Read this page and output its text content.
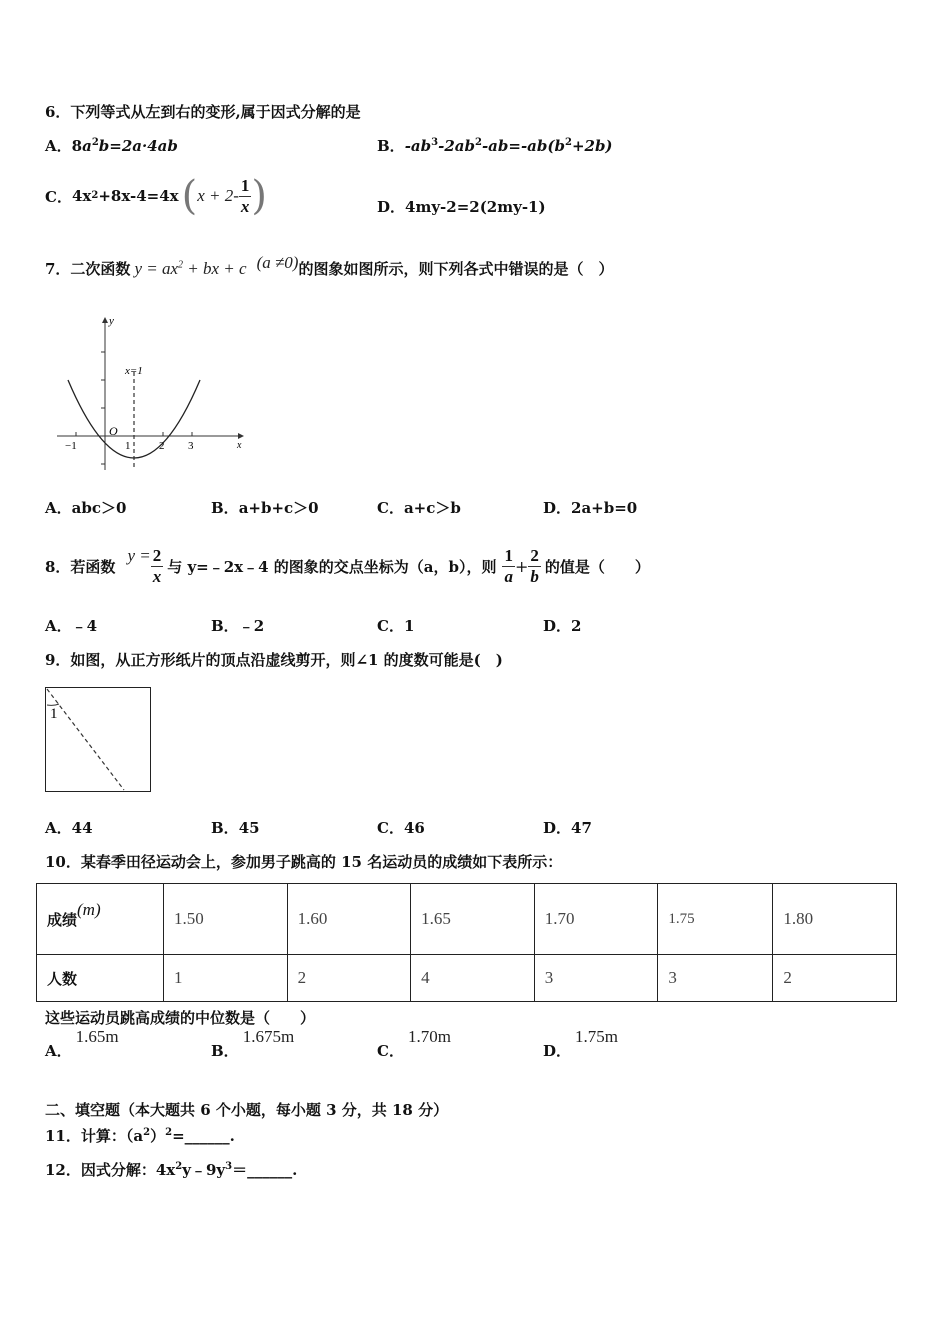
6．下列等式从左到右的变形,属于因式分解的是
A．$8a^2b=2a\cdot 4ab$	B．$-ab^3-2ab^2-ab=-ab(b^2+2b)$
C． 4x 2 +8x-4=4x ( $x + 2- \frac{1}{x}$ )	D．4my-2=2(2my-1)
7．二次函数 $y = ax^2$ + bx + c (a ≠0) 的图象如图所示，则下列各式中错误的是（　）
y
x
O
x=1
−1	1	2 3
A．abc＞0	B．a+b+c＞0	C．a+c＞b	D．2a+b=0
8．若函数
$y = \frac{2}{x}$ 与 y=﹣2x﹣4 的图象的交点坐标为（a，b），则 $\frac{1}{a} + \frac{2}{b}$ 的值是（　　）
A．﹣4	B．﹣2	C．1	D．2
9．如图，从正方形纸片的顶点沿虚线剪开，则∠1 的度数可能是(　)
1
A．44	B．45	C．46	D．47
10．某春季田径运动会上，参加男子跳高的 15 名运动员的成绩如下表所示：
成绩(m)	1.50	1.60	1.65	1.70	1.75	1.80
人数	1	2	4	3	3	2
这些运动员跳高成绩的中位数是（　　）
A．
1.65m
B．
1.675m
C．
1.70m
D．
1.75m
二、填空题（本大题共 6 个小题，每小题 3 分，共 18 分）
11．计算：$(a^2)^2=\_\_\_\_\_\_$.
12．因式分解：$4x^2y﹣9y^3=\_\_\_\_\_\_$.
